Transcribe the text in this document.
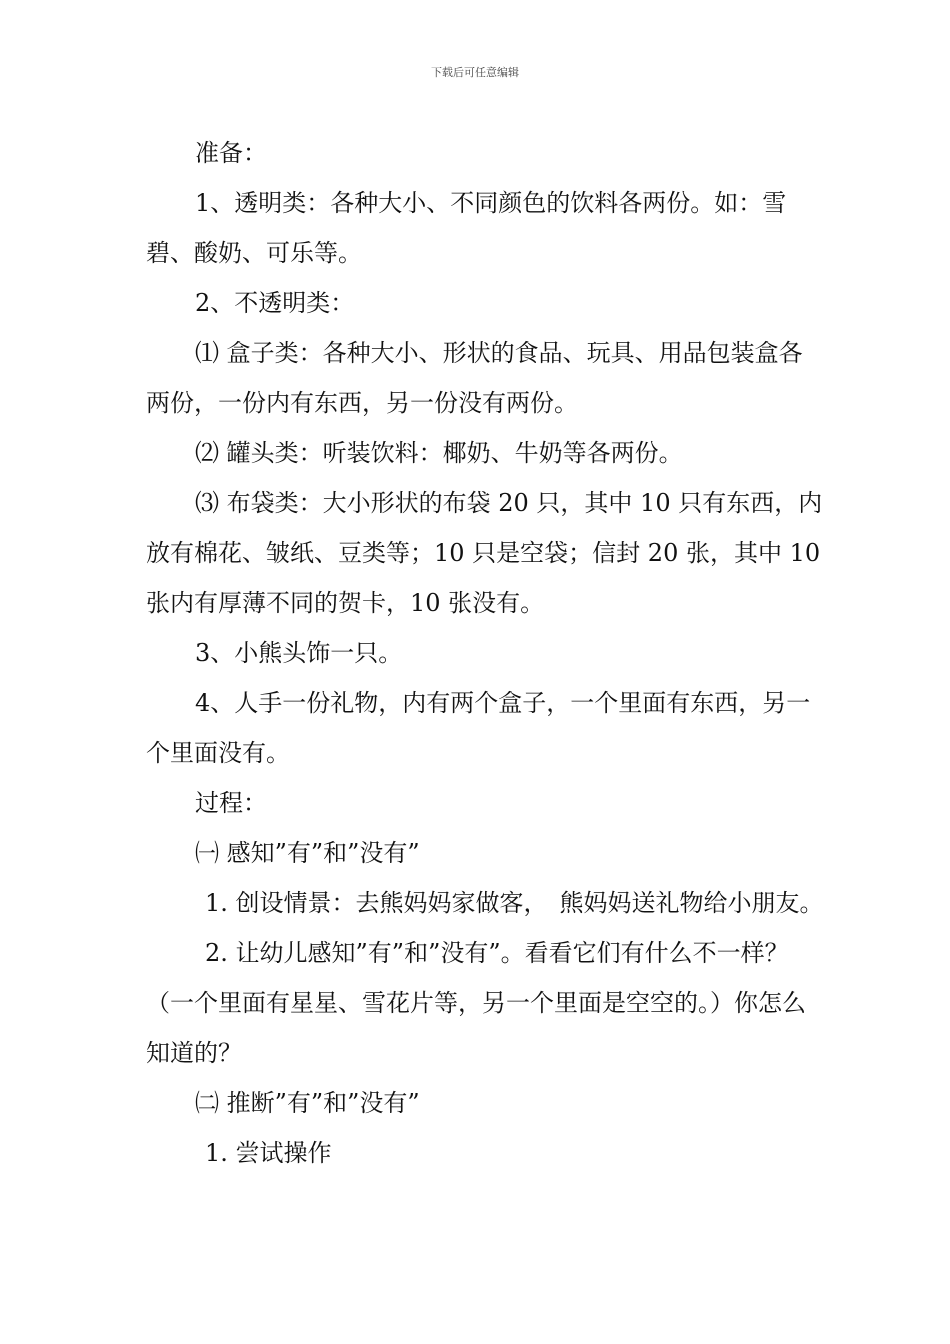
下载后可任意编辑

准备：

1、透明类：各种大小、不同颜色的饮料各两份。如：雪碧、酸奶、可乐等。

2、不透明类：

⑴ 盒子类：各种大小、形状的食品、玩具、用品包装盒各两份，一份内有东西，另一份没有两份。

⑵ 罐头类：听装饮料：椰奶、牛奶等各两份。

⑶ 布袋类：大小形状的布袋 20 只，其中 10 只有东西，内放有棉花、皱纸、豆类等；10 只是空袋；信封 20 张，其中 10 张内有厚薄不同的贺卡，10 张没有。

3、小熊头饰一只。

4、人手一份礼物，内有两个盒子，一个里面有东西，另一个里面没有。

过程：

㈠ 感知”有”和”没有”

1. 创设情景：去熊妈妈家做客，　熊妈妈送礼物给小朋友。

2. 让幼儿感知”有”和”没有”。看看它们有什么不一样？（一个里面有星星、雪花片等，另一个里面是空空的。）你怎么知道的？

㈡ 推断”有”和”没有”

1. 尝试操作
